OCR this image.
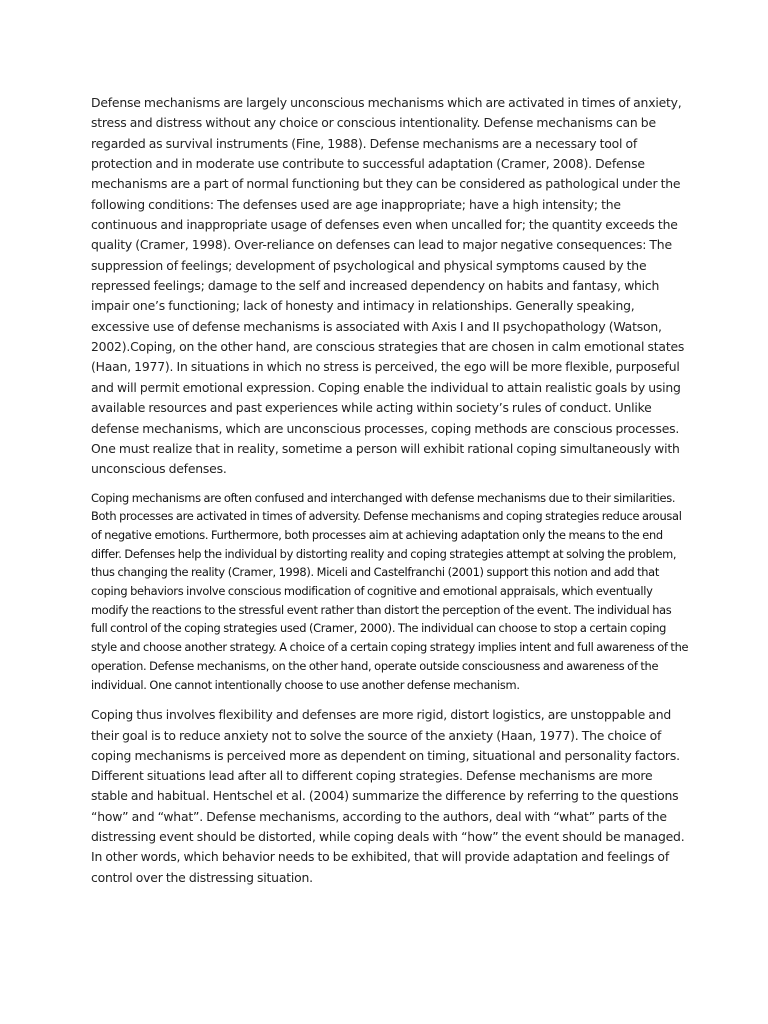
Defense mechanisms are largely unconscious mechanisms which are activated in times of anxiety, stress and distress without any choice or conscious intentionality. Defense mechanisms can be regarded as survival instruments (Fine, 1988). Defense mechanisms are a necessary tool of protection and in moderate use contribute to successful adaptation (Cramer, 2008). Defense mechanisms are a part of normal functioning but they can be considered as pathological under the following conditions: The defenses used are age inappropriate; have a high intensity; the continuous and inappropriate usage of defenses even when uncalled for; the quantity exceeds the quality (Cramer, 1998). Over-reliance on defenses can lead to major negative consequences: The suppression of feelings; development of psychological and physical symptoms caused by the repressed feelings; damage to the self and increased dependency on habits and fantasy, which impair one’s functioning; lack of honesty and intimacy in relationships. Generally speaking, excessive use of defense mechanisms is associated with Axis I and II psychopathology (Watson, 2002).Coping, on the other hand, are conscious strategies that are chosen in calm emotional states (Haan, 1977). In situations in which no stress is perceived, the ego will be more flexible, purposeful and will permit emotional expression. Coping enable the individual to attain realistic goals by using available resources and past experiences while acting within society’s rules of conduct. Unlike defense mechanisms, which are unconscious processes, coping methods are conscious processes. One must realize that in reality, sometime a person will exhibit rational coping simultaneously with unconscious defenses.

Coping mechanisms are often confused and interchanged with defense mechanisms due to their similarities. Both processes are activated in times of adversity. Defense mechanisms and coping strategies reduce arousal of negative emotions. Furthermore, both processes aim at achieving adaptation only the means to the end differ. Defenses help the individual by distorting reality and coping strategies attempt at solving the problem, thus changing the reality (Cramer, 1998). Miceli and Castelfranchi (2001) support this notion and add that coping behaviors involve conscious modification of cognitive and emotional appraisals, which eventually modify the reactions to the stressful event rather than distort the perception of the event. The individual has full control of the coping strategies used (Cramer, 2000). The individual can choose to stop a certain coping style and choose another strategy. A choice of a certain coping strategy implies intent and full awareness of the operation. Defense mechanisms, on the other hand, operate outside consciousness and awareness of the individual. One cannot intentionally choose to use another defense mechanism.

Coping thus involves flexibility and defenses are more rigid, distort logistics, are unstoppable and their goal is to reduce anxiety not to solve the source of the anxiety (Haan, 1977). The choice of coping mechanisms is perceived more as dependent on timing, situational and personality factors. Different situations lead after all to different coping strategies. Defense mechanisms are more stable and habitual. Hentschel et al. (2004) summarize the difference by referring to the questions “how” and “what”. Defense mechanisms, according to the authors, deal with “what” parts of the distressing event should be distorted, while coping deals with “how” the event should be managed. In other words, which behavior needs to be exhibited, that will provide adaptation and feelings of control over the distressing situation.
